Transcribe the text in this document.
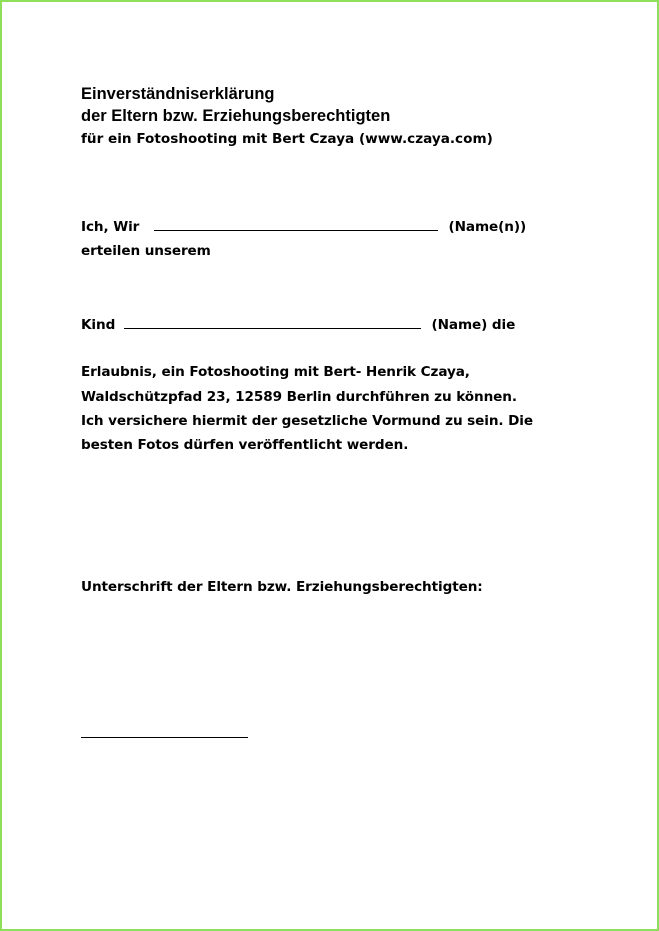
Einverständniserklärung
der Eltern bzw. Erziehungsberechtigten
für ein Fotoshooting mit Bert Czaya (www.czaya.com)
Ich, Wir	(Name(n))
erteilen unserem
Kind	(Name) die
Erlaubnis, ein Fotoshooting mit Bert- Henrik Czaya,
Waldschützpfad 23, 12589 Berlin durchführen zu können.
Ich versichere hiermit der gesetzliche Vormund zu sein. Die
besten Fotos dürfen veröffentlicht werden.
Unterschrift der Eltern bzw. Erziehungsberechtigten:
